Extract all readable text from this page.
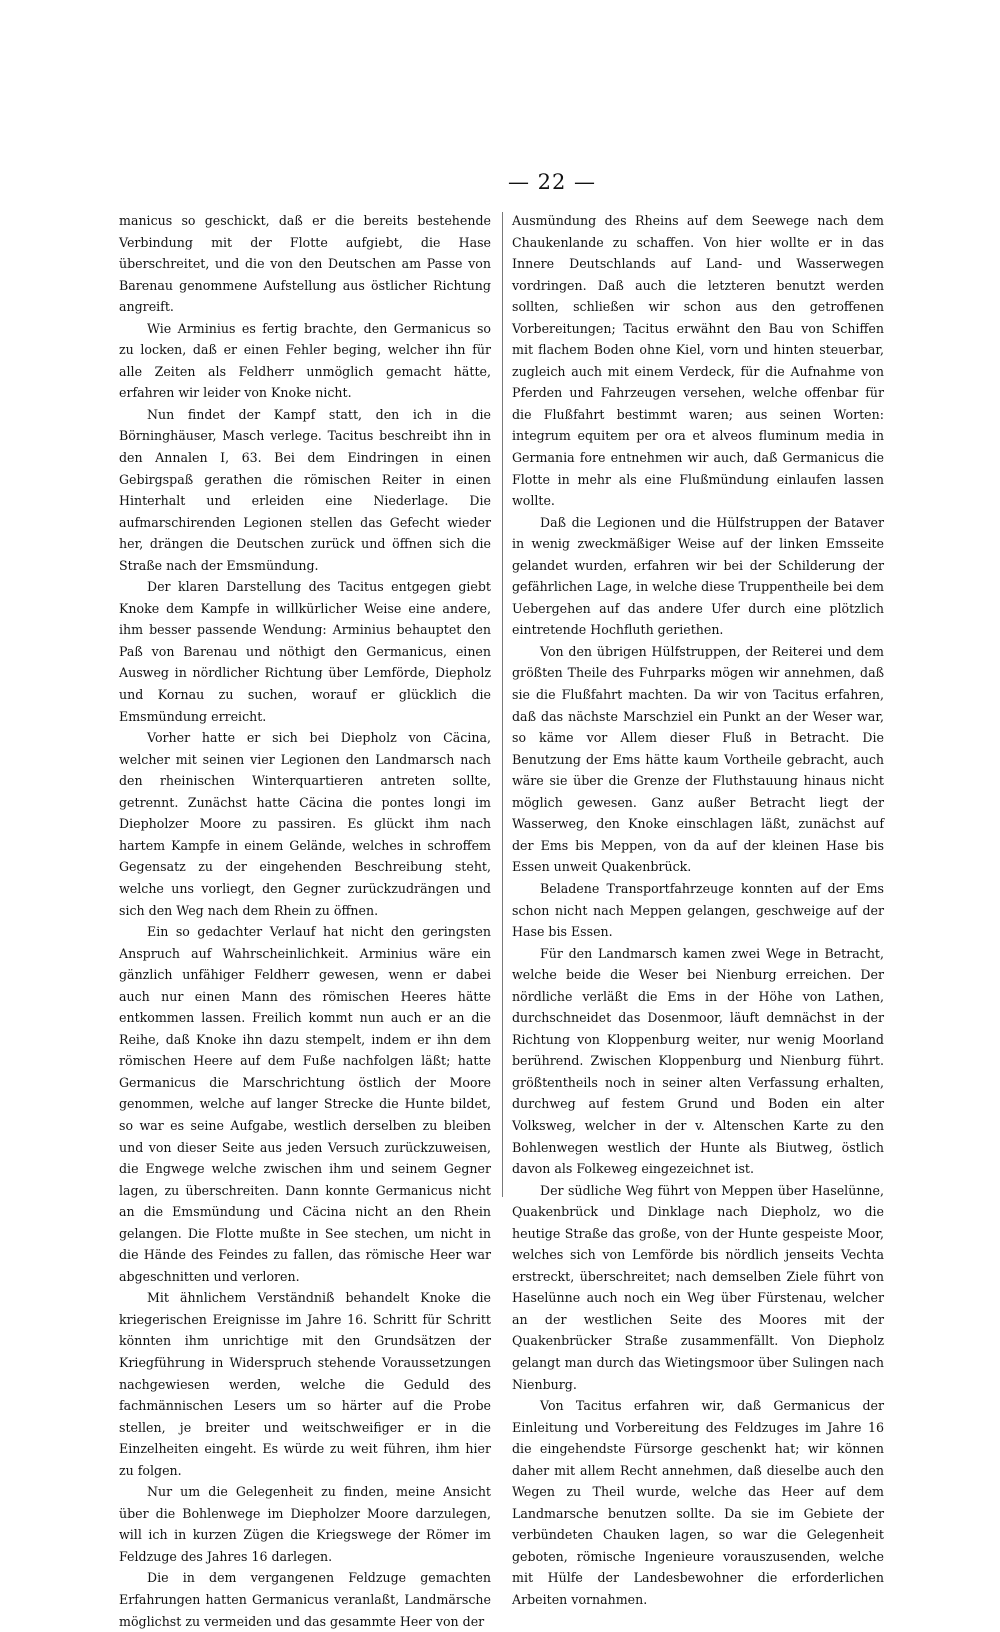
— 22 —

manicus so geschickt, daß er die bereits bestehende Verbindung mit der Flotte aufgiebt, die Hase überschreitet, und die von den Deutschen am Passe von Barenau genommene Aufstellung aus östlicher Richtung angreift.

Wie Arminius es fertig brachte, den Germanicus so zu locken, daß er einen Fehler beging, welcher ihn für alle Zeiten als Feldherr unmöglich gemacht hätte, erfahren wir leider von Knoke nicht.

Nun findet der Kampf statt, den ich in die Börninghäuser, Masch verlege. Tacitus beschreibt ihn in den Annalen I, 63. Bei dem Eindringen in einen Gebirgspaß gerathen die römischen Reiter in einen Hinterhalt und erleiden eine Niederlage. Die aufmarschirenden Legionen stellen das Gefecht wieder her, drängen die Deutschen zurück und öffnen sich die Straße nach der Emsmündung.

Der klaren Darstellung des Tacitus entgegen giebt Knoke dem Kampfe in willkürlicher Weise eine andere, ihm besser passende Wendung: Arminius behauptet den Paß von Barenau und nöthigt den Germanicus, einen Ausweg in nördlicher Richtung über Lemförde, Diepholz und Kornau zu suchen, worauf er glücklich die Emsmündung erreicht.

Vorher hatte er sich bei Diepholz von Cäcina, welcher mit seinen vier Legionen den Landmarsch nach den rheinischen Winterquartieren antreten sollte, getrennt. Zunächst hatte Cäcina die pontes longi im Diepholzer Moore zu passiren. Es glückt ihm nach hartem Kampfe in einem Gelände, welches in schroffem Gegensatz zu der eingehenden Beschreibung steht, welche uns vorliegt, den Gegner zurückzudrängen und sich den Weg nach dem Rhein zu öffnen.

Ein so gedachter Verlauf hat nicht den geringsten Anspruch auf Wahrscheinlichkeit. Arminius wäre ein gänzlich unfähiger Feldherr gewesen, wenn er dabei auch nur einen Mann des römischen Heeres hätte entkommen lassen. Freilich kommt nun auch er an die Reihe, daß Knoke ihn dazu stempelt, indem er ihn dem römischen Heere auf dem Fuße nachfolgen läßt; hatte Germanicus die Marschrichtung östlich der Moore genommen, welche auf langer Strecke die Hunte bildet, so war es seine Aufgabe, westlich derselben zu bleiben und von dieser Seite aus jeden Versuch zurückzuweisen, die Engwege welche zwischen ihm und seinem Gegner lagen, zu überschreiten. Dann konnte Germanicus nicht an die Emsmündung und Cäcina nicht an den Rhein gelangen. Die Flotte mußte in See stechen, um nicht in die Hände des Feindes zu fallen, das römische Heer war abgeschnitten und verloren.

Mit ähnlichem Verständniß behandelt Knoke die kriegerischen Ereignisse im Jahre 16. Schritt für Schritt könnten ihm unrichtige mit den Grundsätzen der Kriegführung in Widerspruch stehende Voraussetzungen nachgewiesen werden, welche die Geduld des fachmännischen Lesers um so härter auf die Probe stellen, je breiter und weitschweifiger er in die Einzelheiten eingeht. Es würde zu weit führen, ihm hier zu folgen.

Nur um die Gelegenheit zu finden, meine Ansicht über die Bohlenwege im Diepholzer Moore darzulegen, will ich in kurzen Zügen die Kriegswege der Römer im Feldzuge des Jahres 16 darlegen.

Die in dem vergangenen Feldzuge gemachten Erfahrungen hatten Germanicus veranlaßt, Landmärsche möglichst zu vermeiden und das gesammte Heer von der

Ausmündung des Rheins auf dem Seewege nach dem Chaukenlande zu schaffen. Von hier wollte er in das Innere Deutschlands auf Land- und Wasserwegen vordringen. Daß auch die letzteren benutzt werden sollten, schließen wir schon aus den getroffenen Vorbereitungen; Tacitus erwähnt den Bau von Schiffen mit flachem Boden ohne Kiel, vorn und hinten steuerbar, zugleich auch mit einem Verdeck, für die Aufnahme von Pferden und Fahrzeugen versehen, welche offenbar für die Flußfahrt bestimmt waren; aus seinen Worten: integrum equitem per ora et alveos fluminum media in Germania fore entnehmen wir auch, daß Germanicus die Flotte in mehr als eine Flußmündung einlaufen lassen wollte.

Daß die Legionen und die Hülfstruppen der Bataver in wenig zweckmäßiger Weise auf der linken Emsseite gelandet wurden, erfahren wir bei der Schilderung der gefährlichen Lage, in welche diese Truppentheile bei dem Uebergehen auf das andere Ufer durch eine plötzlich eintretende Hochfluth geriethen.

Von den übrigen Hülfstruppen, der Reiterei und dem größten Theile des Fuhrparks mögen wir annehmen, daß sie die Flußfahrt machten. Da wir von Tacitus erfahren, daß das nächste Marschziel ein Punkt an der Weser war, so käme vor Allem dieser Fluß in Betracht. Die Benutzung der Ems hätte kaum Vortheile gebracht, auch wäre sie über die Grenze der Fluthstauung hinaus nicht möglich gewesen. Ganz außer Betracht liegt der Wasserweg, den Knoke einschlagen läßt, zunächst auf der Ems bis Meppen, von da auf der kleinen Hase bis Essen unweit Quakenbrück.

Beladene Transportfahrzeuge konnten auf der Ems schon nicht nach Meppen gelangen, geschweige auf der Hase bis Essen.

Für den Landmarsch kamen zwei Wege in Betracht, welche beide die Weser bei Nienburg erreichen. Der nördliche verläßt die Ems in der Höhe von Lathen, durchschneidet das Dosenmoor, läuft demnächst in der Richtung von Kloppenburg weiter, nur wenig Moorland berührend. Zwischen Kloppenburg und Nienburg führt. größtentheils noch in seiner alten Verfassung erhalten, durchweg auf festem Grund und Boden ein alter Volksweg, welcher in der v. Altenschen Karte zu den Bohlenwegen westlich der Hunte als Biutweg, östlich davon als Folkeweg eingezeichnet ist.

Der südliche Weg führt von Meppen über Haselünne, Quakenbrück und Dinklage nach Diepholz, wo die heutige Straße das große, von der Hunte gespeiste Moor, welches sich von Lemförde bis nördlich jenseits Vechta erstreckt, überschreitet; nach demselben Ziele führt von Haselünne auch noch ein Weg über Fürstenau, welcher an der westlichen Seite des Moores mit der Quakenbrücker Straße zusammenfällt. Von Diepholz gelangt man durch das Wietingsmoor über Sulingen nach Nienburg.

Von Tacitus erfahren wir, daß Germanicus der Einleitung und Vorbereitung des Feldzuges im Jahre 16 die eingehendste Fürsorge geschenkt hat; wir können daher mit allem Recht annehmen, daß dieselbe auch den Wegen zu Theil wurde, welche das Heer auf dem Landmarsche benutzen sollte. Da sie im Gebiete der verbündeten Chauken lagen, so war die Gelegenheit geboten, römische Ingenieure vorauszusenden, welche mit Hülfe der Landesbewohner die erforderlichen Arbeiten vornahmen.
